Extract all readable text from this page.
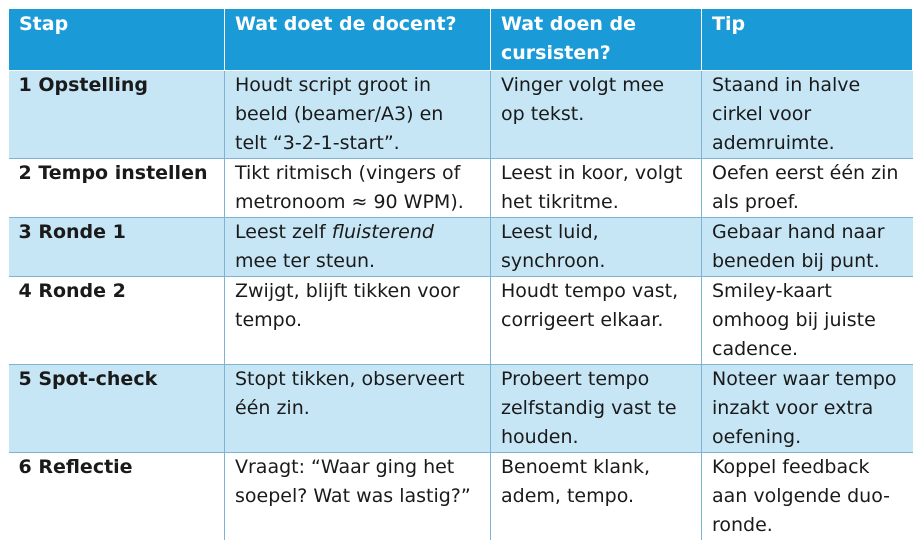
Stap	Wat doet de docent?	Wat doen de cursisten?	Tip
1 Opstelling	Houdt script groot in beeld (beamer/A3) en telt “3-2-1-start”.	Vinger volgt mee op tekst.	Staand in halve cirkel voor ademruimte.
2 Tempo instellen	Tikt ritmisch (vingers of metronoom ≈ 90 WPM).	Leest in koor, volgt het tikritme.	Oefen eerst één zin als proef.
3 Ronde 1	Leest zelf fluisterend mee ter steun.	Leest luid, synchroon.	Gebaar hand naar beneden bij punt.
4 Ronde 2	Zwijgt, blijft tikken voor tempo.	Houdt tempo vast, corrigeert elkaar.	Smiley-kaart omhoog bij juiste cadence.
5 Spot-check	Stopt tikken, observeert één zin.	Probeert tempo zelfstandig vast te houden.	Noteer waar tempo inzakt voor extra oefening.
6 Reflectie	Vraagt: “Waar ging het soepel? Wat was lastig?”	Benoemt klank, adem, tempo.	Koppel feedback aan volgende duo-ronde.
